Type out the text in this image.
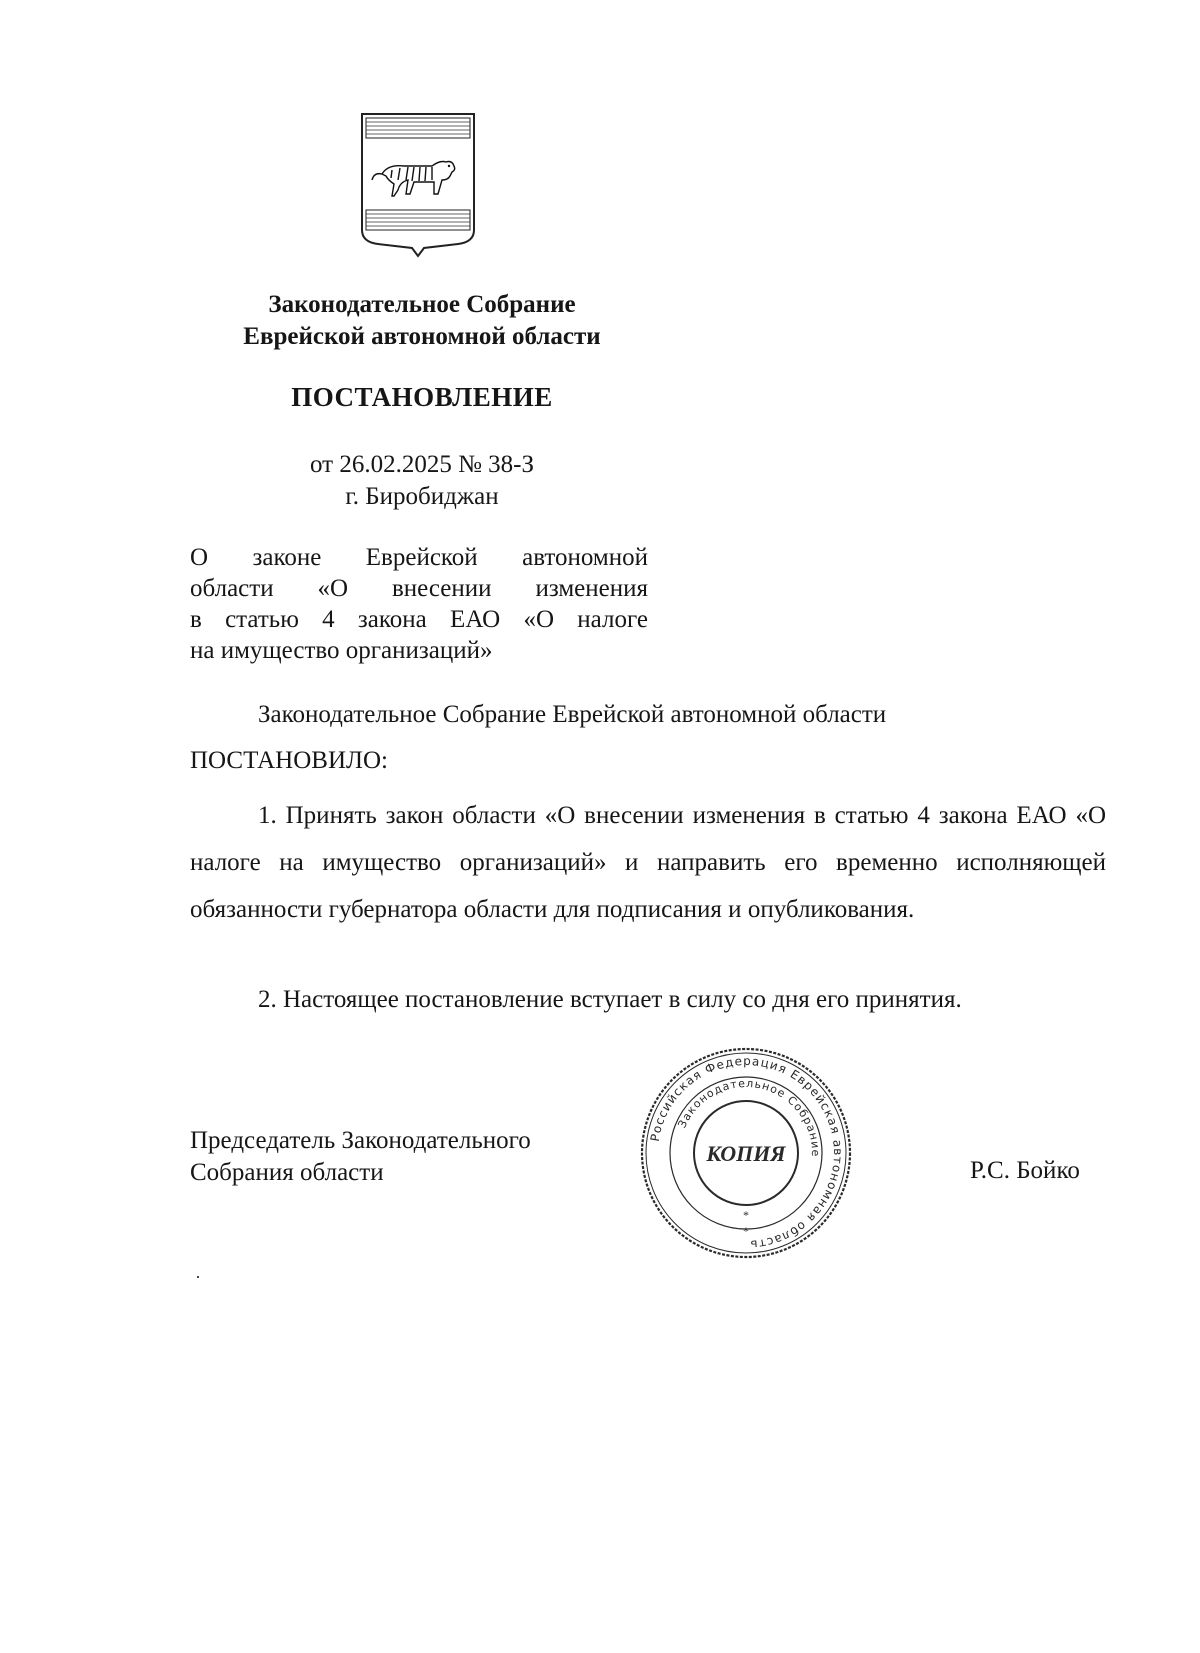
Законодательное Собрание
Еврейской автономной области
ПОСТАНОВЛЕНИЕ
от 26.02.2025 № 38-З
г. Биробиджан
О законе Еврейской автономной
области «О внесении изменения
в статью 4 закона ЕАО «О налоге
на имущество организаций»
Законодательное Собрание Еврейской автономной области
ПОСТАНОВИЛО:
1. Принять закон области «О внесении изменения в статью 4 закона ЕАО «О налоге на имущество организаций» и направить его временно исполняющей обязанности губернатора области для подписания и опубликования.
2. Настоящее постановление вступает в силу со дня его принятия.
Председатель Законодательного
Собрания области	Р.С. Бойко
Российская Федерация Еврейская автономная область
Законодательное Собрание
КОПИЯ
*
*
